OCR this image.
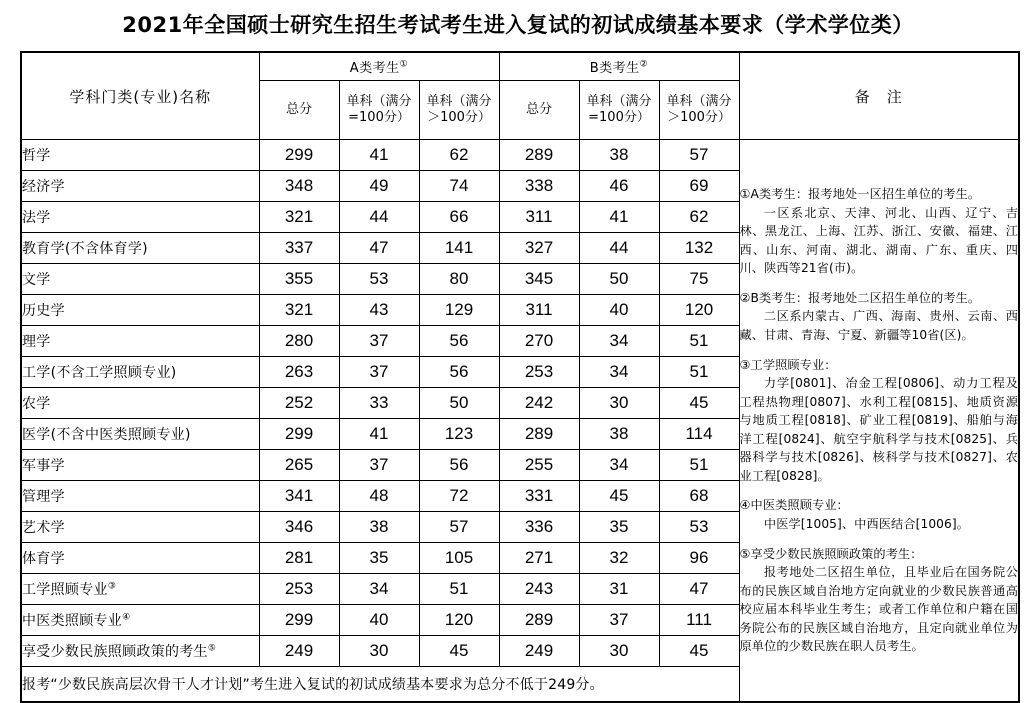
2021年全国硕士研究生招生考试考生进入复试的初试成绩基本要求（学术学位类）
学科门类(专业)名称	A类考生①			B类考生②			备 注
	总分	单科（满分
=100分）	单科（满分
＞100分）	总分	单科（满分
=100分）	单科（满分
＞100分）	
哲学	299	41	62	289	38	57	

①A类考生：报考地处一区招生单位的考生。

一区系北京、天津、河北、山西、辽宁、吉林、黑龙江、上海、江苏、浙江、安徽、福建、江西、山东、河南、湖北、湖南、广东、重庆、四川、陕西等21省(市)。

②B类考生：报考地处二区招生单位的考生。

二区系内蒙古、广西、海南、贵州、云南、西藏、甘肃、青海、宁夏、新疆等10省(区)。

③工学照顾专业：

力学[0801]、冶金工程[0806]、动力工程及工程热物理[0807]、水利工程[0815]、地质资源与地质工程[0818]、矿业工程[0819]、船舶与海洋工程[0824]、航空宇航科学与技术[0825]、兵器科学与技术[0826]、核科学与技术[0827]、农业工程[0828]。

④中医类照顾专业：

中医学[1005]、中西医结合[1006]。

⑤享受少数民族照顾政策的考生：

报考地处二区招生单位，且毕业后在国务院公布的民族区域自治地方定向就业的少数民族普通高校应届本科毕业生考生；或者工作单位和户籍在国务院公布的民族区域自治地方，且定向就业单位为原单位的少数民族在职人员考生。

经济学	348	49	74	338	46	69	
法学	321	44	66	311	41	62	
教育学(不含体育学)	337	47	141	327	44	132	
文学	355	53	80	345	50	75	
历史学	321	43	129	311	40	120	
理学	280	37	56	270	34	51	
工学(不含工学照顾专业)	263	37	56	253	34	51	
农学	252	33	50	242	30	45	
医学(不含中医类照顾专业)	299	41	123	289	38	114	
军事学	265	37	56	255	34	51	
管理学	341	48	72	331	45	68	
艺术学	346	38	57	336	35	53	
体育学	281	35	105	271	32	96	
工学照顾专业③	253	34	51	243	31	47	
中医类照顾专业④	299	40	120	289	37	111	
享受少数民族照顾政策的考生⑤	249	30	45	249	30	45	
报考“少数民族高层次骨干人才计划”考生进入复试的初试成绩基本要求为总分不低于249分。							
